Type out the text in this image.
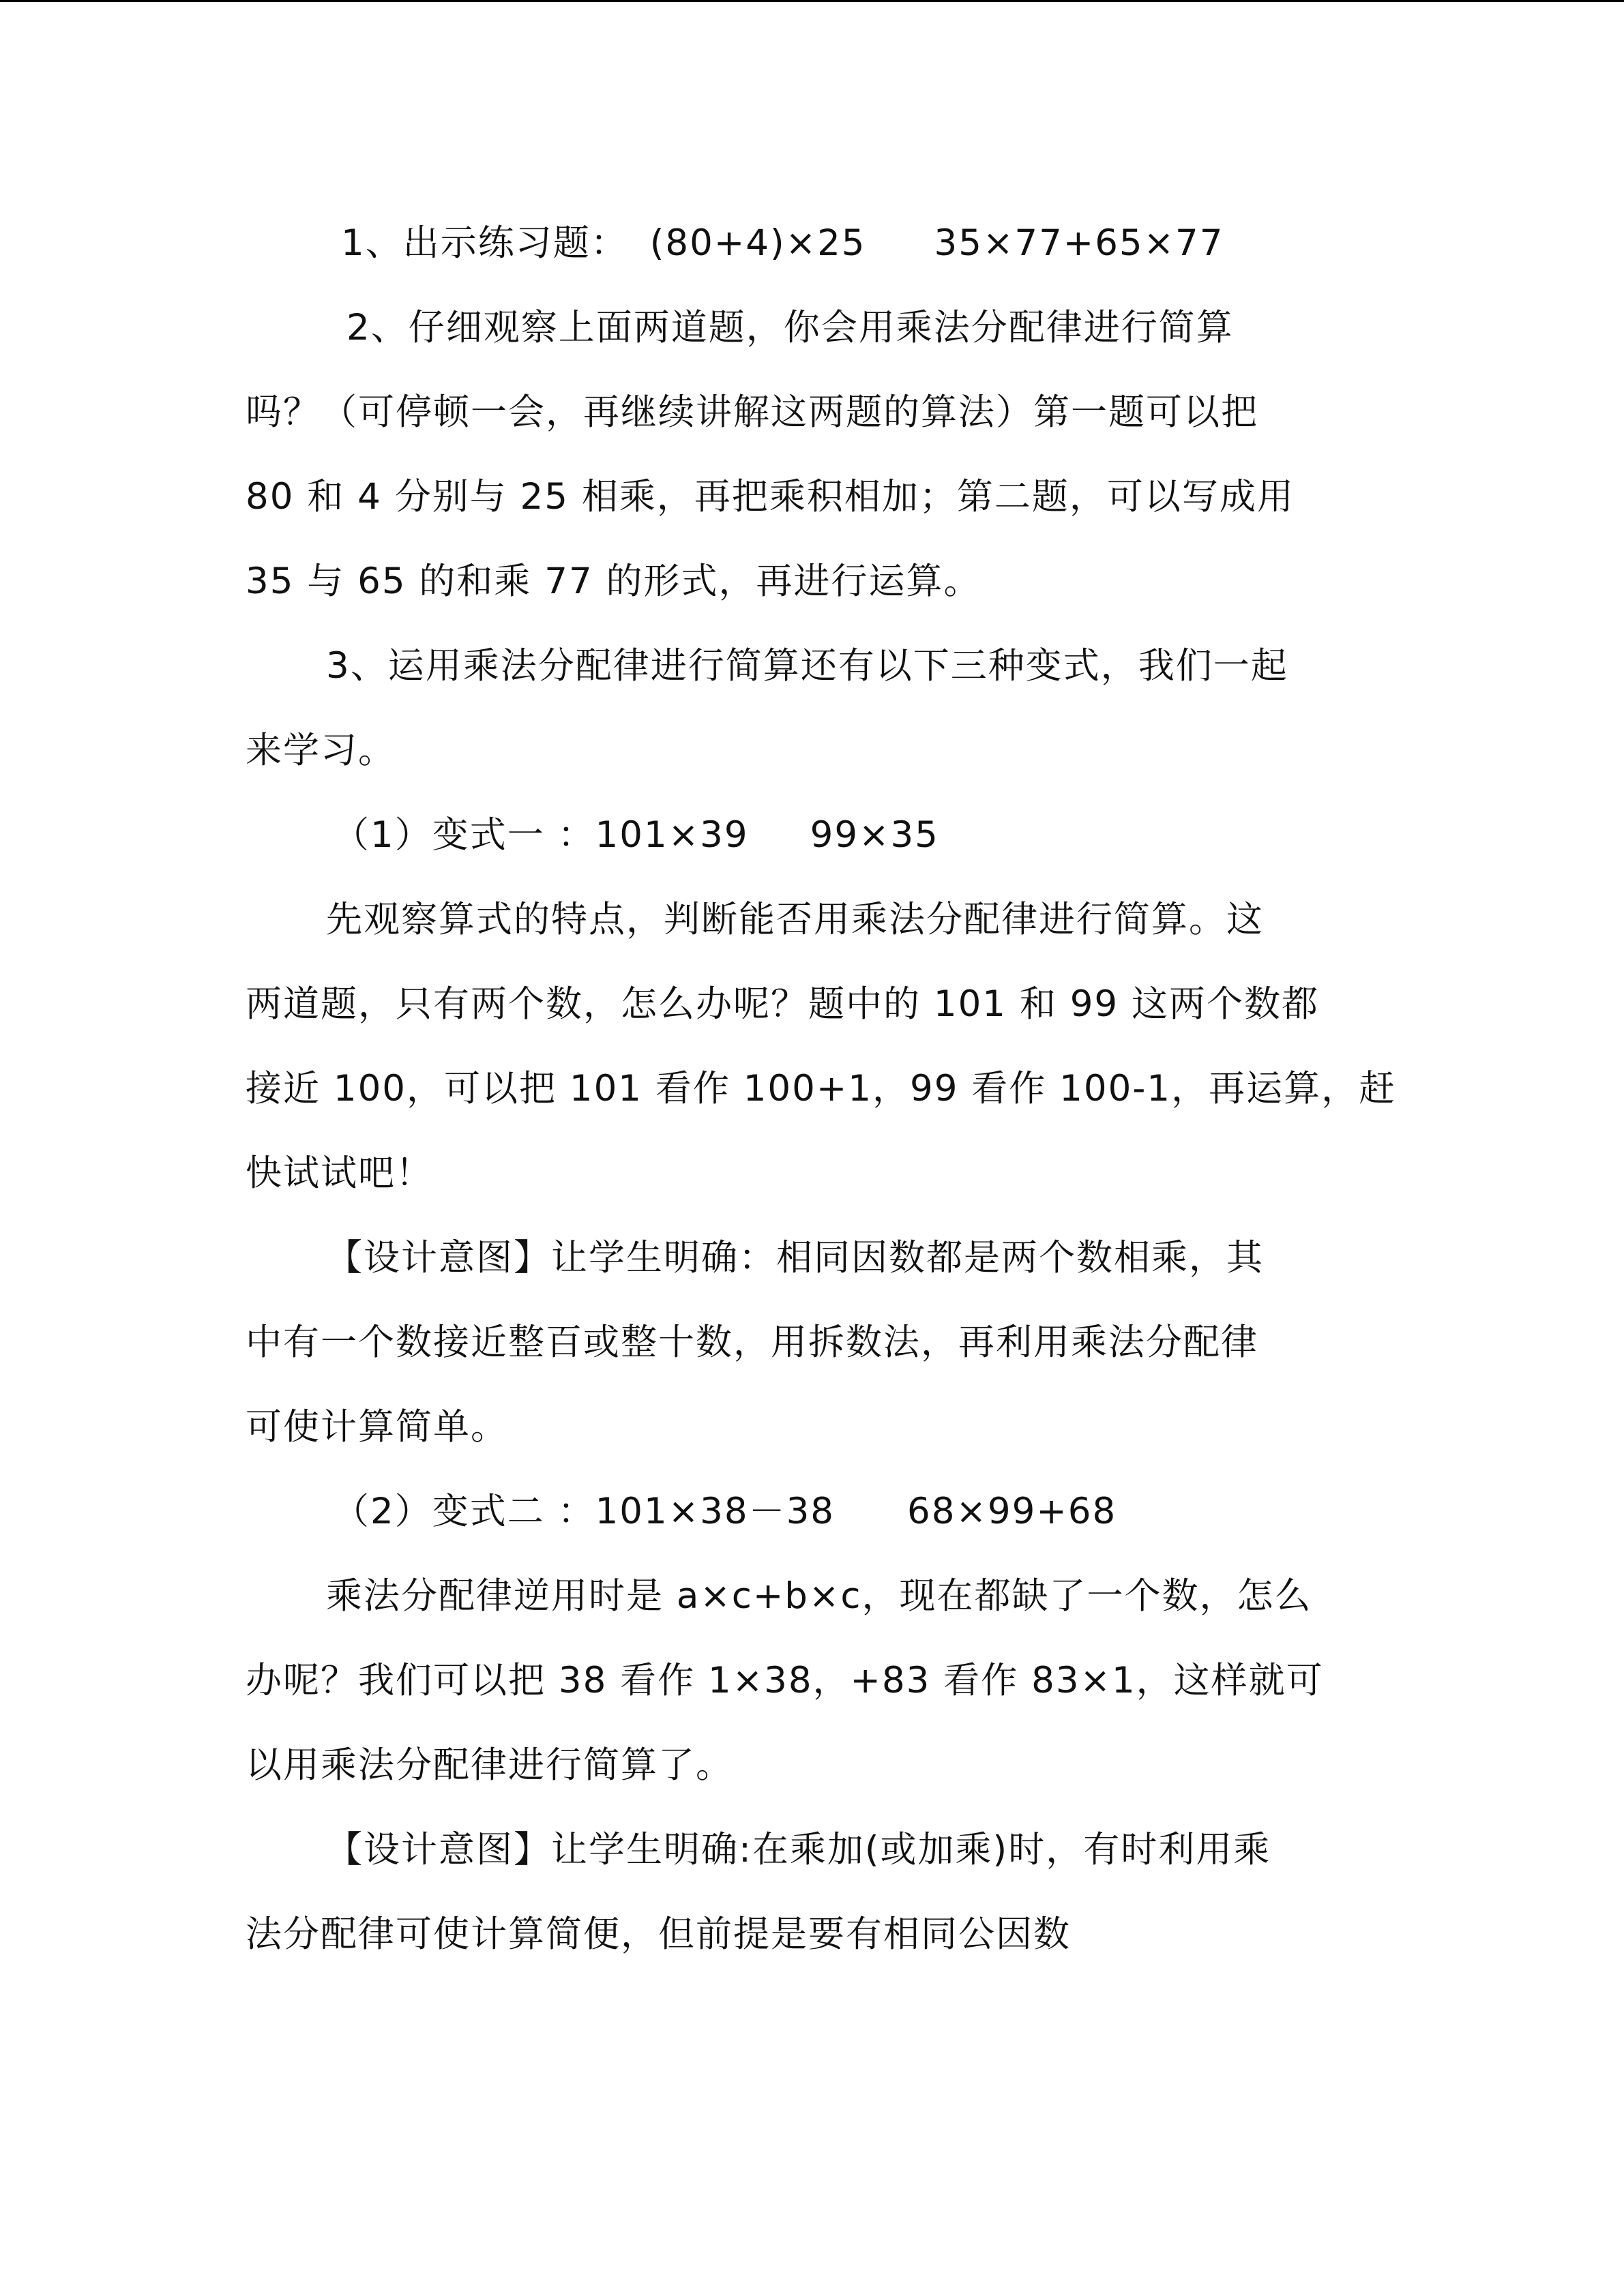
1、出示练习题： (80+4)×25 35×77+65×77
2、仔细观察上面两道题，你会用乘法分配律进行简算
吗？（可停顿一会，再继续讲解这两题的算法）第一题可以把
80 和 4 分别与 25 相乘，再把乘积相加；第二题，可以写成用
35 与 65 的和乘 77 的形式，再进行运算。
3、运用乘法分配律进行简算还有以下三种变式，我们一起
来学习。
（1）变式一 ：101×39 99×35
先观察算式的特点，判断能否用乘法分配律进行简算。这
两道题，只有两个数，怎么办呢？题中的 101 和 99 这两个数都
接近 100，可以把 101 看作 100+1，99 看作 100-1，再运算，赶
快试试吧！
【设计意图】让学生明确：相同因数都是两个数相乘，其
中有一个数接近整百或整十数，用拆数法，再利用乘法分配律
可使计算简单。
（2）变式二 ：101×38－38 68×99+68
乘法分配律逆用时是 a×c+b×c，现在都缺了一个数，怎么
办呢？我们可以把 38 看作 1×38，+83 看作 83×1，这样就可
以用乘法分配律进行简算了。
【设计意图】让学生明确:在乘加(或加乘)时，有时利用乘
法分配律可使计算简便，但前提是要有相同公因数
